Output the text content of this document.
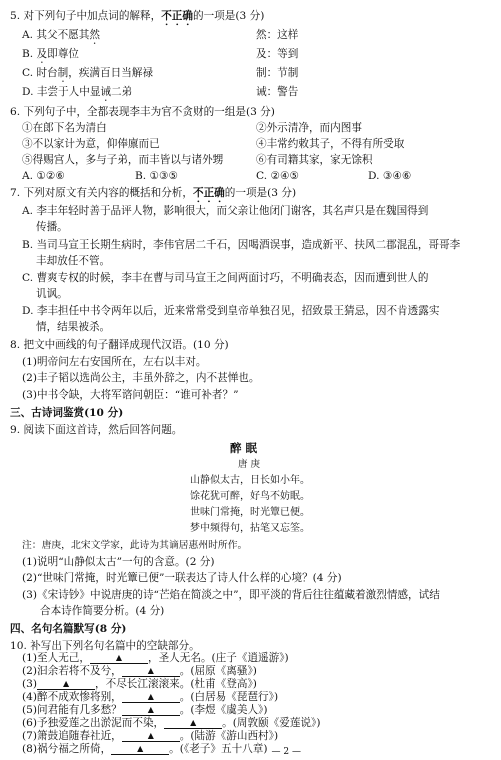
5. 对下列句子中加点词的解释，不正确的一项是(3 分)
A. 其父不愿其然	然：这样
B. 及即尊位	及：等到
C. 时台制，疾满百日当解禄	制：节制
D. 丰尝于人中显诫二弟	诫：警告
6. 下列句子中，全都表现李丰为官不贪财的一组是(3 分)
①在郎下名为清白	②外示清净，而内图事
③不以家计为意，仰俸廪而已	④丰常约敕其子，不得有所受取
⑤得赐宫人，多与子弟，而丰皆以与诸外甥	⑥有司籍其家，家无馀积
A. ①②⑥	B. ①③⑤	C. ②④⑤	D. ③④⑥
7. 下列对原文有关内容的概括和分析，不正确的一项是(3 分)
A. 李丰年轻时善于品评人物，影响很大，而父亲让他闭门谢客，其名声只是在魏国得到
传播。
B. 当司马宣王长期生病时，李伟官居二千石，因喝酒误事，造成新平、扶风二郡混乱，哥哥李
丰却放任不管。
C. 曹爽专权的时候，李丰在曹与司马宣王之间两面讨巧，不明确表态，因而遭到世人的
讥讽。
D. 李丰担任中书令两年以后，近来常常受到皇帝单独召见，招致景王猜忌，因不肯透露实
情，结果被杀。
8. 把文中画线的句子翻译成现代汉语。(10 分)
(1)明帝问左右安国所在，左右以丰对。
(2)丰子韬以选尚公主，丰虽外辞之，内不甚惮也。
(3)中书令缺，大将军谘问朝臣：“谁可补者？”
三、古诗词鉴赏(10 分)
9. 阅读下面这首诗，然后回答问题。
醉 眠
唐 庚
山静似太古，日长如小年。
馀花犹可醉，好鸟不妨眠。
世味门常掩，时光簟已便。
梦中频得句，拈笔又忘筌。
注：唐庚，北宋文学家，此诗为其谪居惠州时所作。
(1)说明“山静似太古”一句的含意。(2 分)
(2)“世味门常掩，时光簟已便”一联表达了诗人什么样的心境？(4 分)
(3)《宋诗钞》中说唐庚的诗“芒焰在简淡之中”，即平淡的背后往往蕴藏着激烈情感，试结
合本诗作简要分析。(4 分)
四、名句名篇默写(8 分)
10. 补写出下列名句名篇中的空缺部分。
(1)至人无己，	▲ ，圣人无名。(庄子《逍遥游》)
(2)汩余若将不及兮，	▲ 。(屈原《离骚》)
(3)	▲ ，不尽长江滚滚来。(杜甫《登高》)
(4)醉不成欢惨将别，	▲ 。(白居易《琵琶行》)
(5)问君能有几多愁？	▲ 。(李煜《虞美人》)
(6)予独爱莲之出淤泥而不染，	▲ 。(周敦颐《爱莲说》)
(7)箫鼓追随春社近，	▲ 。(陆游《游山西村》)
(8)祸兮福之所倚，	▲ 。(《老子》五十八章) — 2 —
